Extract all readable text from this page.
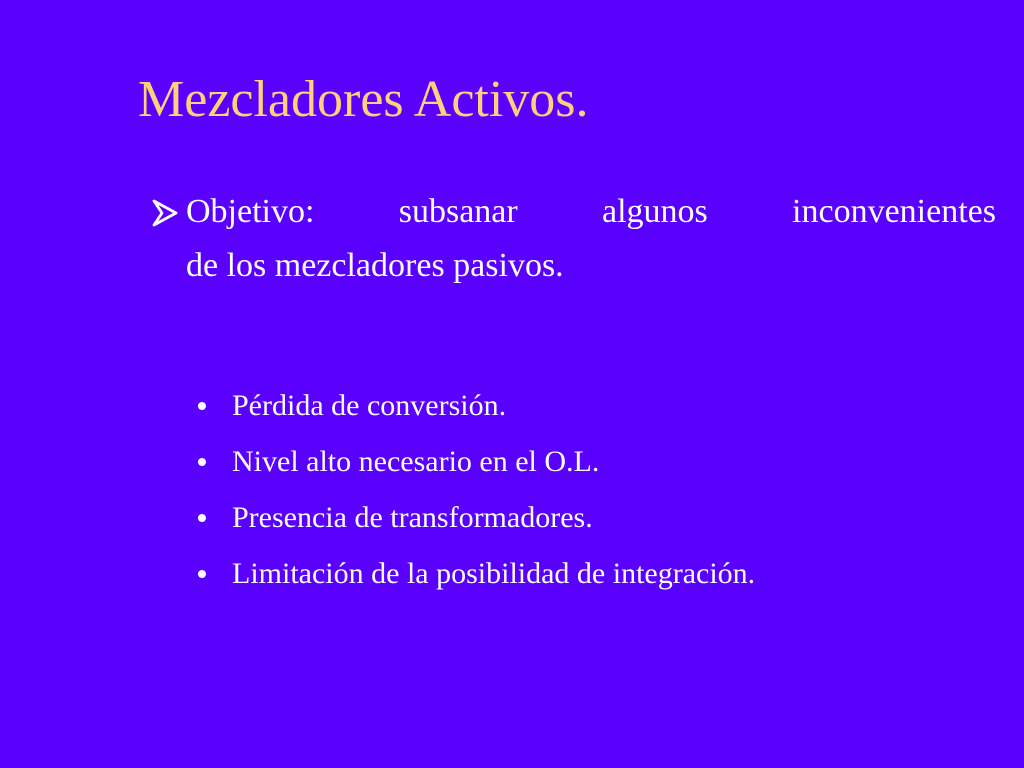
Mezcladores Activos.

Objetivo: subsanar algunos inconvenientes

de los mezcladores pasivos.

Pérdida de conversión.
Nivel alto necesario en el O.L.
Presencia de transformadores.
Limitación de la posibilidad de integración.
